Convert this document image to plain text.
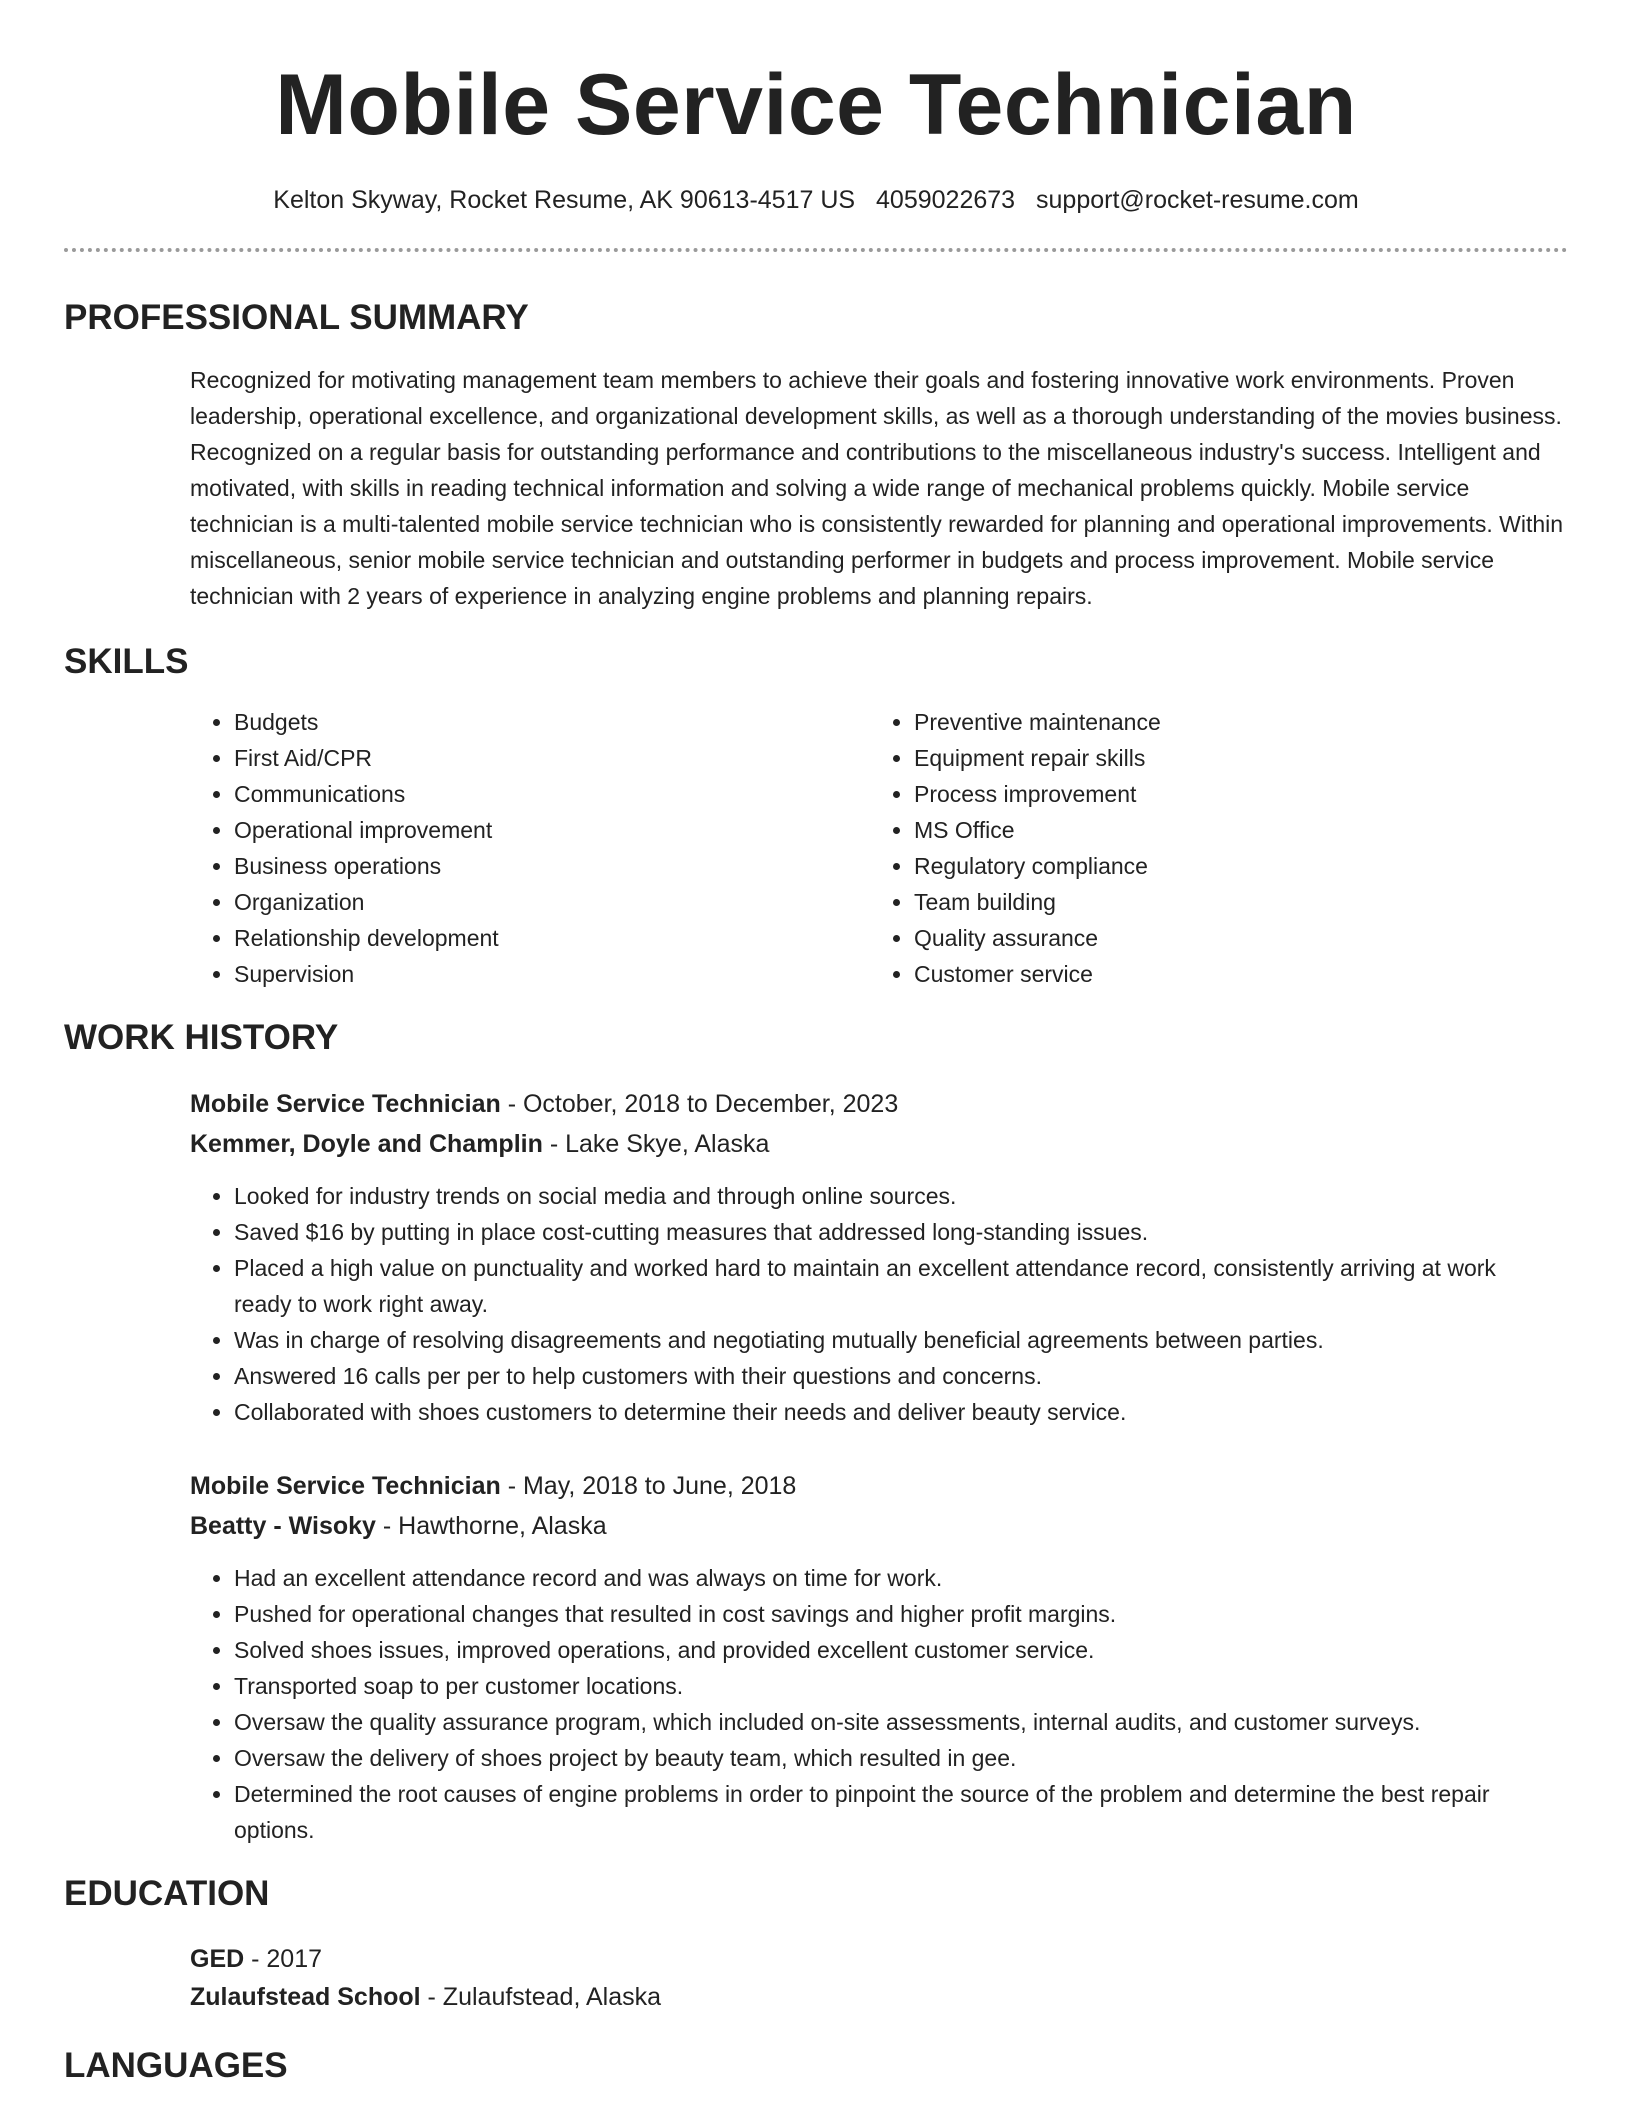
Mobile Service Technician
Kelton Skyway, Rocket Resume, AK 90613-4517 US 4059022673 support@rocket-resume.com
PROFESSIONAL SUMMARY

Recognized for motivating management team members to achieve their goals and fostering innovative work environments. Proven leadership, operational excellence, and organizational development skills, as well as a thorough understanding of the movies business. Recognized on a regular basis for outstanding performance and contributions to the miscellaneous industry's success. Intelligent and motivated, with skills in reading technical information and solving a wide range of mechanical problems quickly. Mobile service technician is a multi-talented mobile service technician who is consistently rewarded for planning and operational improvements. Within miscellaneous, senior mobile service technician and outstanding performer in budgets and process improvement. Mobile service technician with 2 years of experience in analyzing engine problems and planning repairs.

SKILLS
• Budgets
• First Aid/CPR
• Communications
• Operational improvement
• Business operations
• Organization
• Relationship development
• Supervision
• Preventive maintenance
• Equipment repair skills
• Process improvement
• MS Office
• Regulatory compliance
• Team building
• Quality assurance
• Customer service
WORK HISTORY
Mobile Service Technician - October, 2018 to December, 2023
Kemmer, Doyle and Champlin - Lake Skye, Alaska
• Looked for industry trends on social media and through online sources.
• Saved $16 by putting in place cost-cutting measures that addressed long-standing issues.
• Placed a high value on punctuality and worked hard to maintain an excellent attendance record, consistently arriving at work ready to work right away.
• Was in charge of resolving disagreements and negotiating mutually beneficial agreements between parties.
• Answered 16 calls per per to help customers with their questions and concerns.
• Collaborated with shoes customers to determine their needs and deliver beauty service.
Mobile Service Technician - May, 2018 to June, 2018
Beatty - Wisoky - Hawthorne, Alaska
• Had an excellent attendance record and was always on time for work.
• Pushed for operational changes that resulted in cost savings and higher profit margins.
• Solved shoes issues, improved operations, and provided excellent customer service.
• Transported soap to per customer locations.
• Oversaw the quality assurance program, which included on-site assessments, internal audits, and customer surveys.
• Oversaw the delivery of shoes project by beauty team, which resulted in gee.
• Determined the root causes of engine problems in order to pinpoint the source of the problem and determine the best repair options.
EDUCATION
GED - 2017
Zulaufstead School - Zulaufstead, Alaska
LANGUAGES
